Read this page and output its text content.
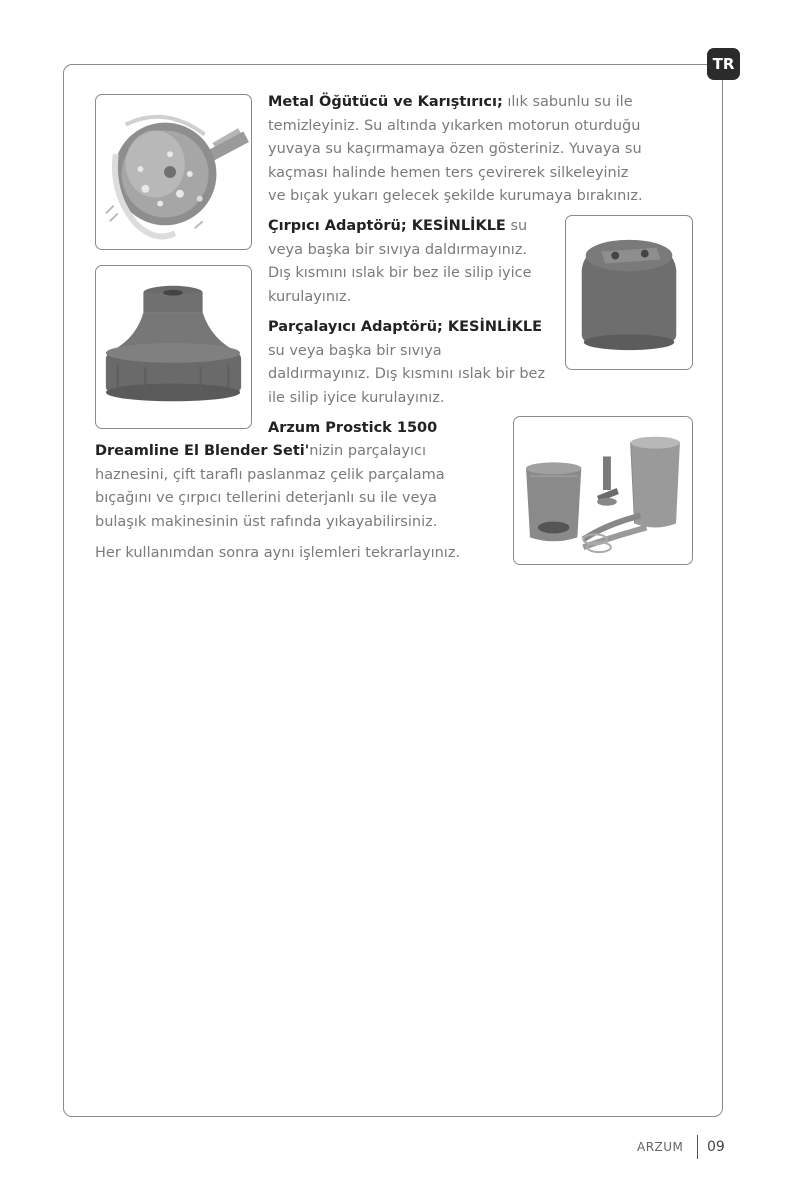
TR

Metal Öğütücü ve Karıştırıcı; ılık sabunlu su ile
temizleyiniz. Su altında yıkarken motorun oturduğu
yuvaya su kaçırmamaya özen gösteriniz. Yuvaya su
kaçması halinde hemen ters çevirerek silkeleyiniz
ve bıçak yukarı gelecek şekilde kurumaya bırakınız.

Çırpıcı Adaptörü; KESİNLİKLE su
veya başka bir sıvıya daldırmayınız.
Dış kısmını ıslak bir bez ile silip iyice
kurulayınız.

Parçalayıcı Adaptörü; KESİNLİKLE
su veya başka bir sıvıya
daldırmayınız. Dış kısmını ıslak bir bez
ile silip iyice kurulayınız.

Arzum Prostick 1500

Dreamline El Blender Seti'nizin parçalayıcı
haznesini, çift taraflı paslanmaz çelik parçalama
bıçağını ve çırpıcı tellerini deterjanlı su ile veya
bulaşık makinesinin üst rafında yıkayabilirsiniz.

Her kullanımdan sonra aynı işlemleri tekrarlayınız.

ARZUM 09
